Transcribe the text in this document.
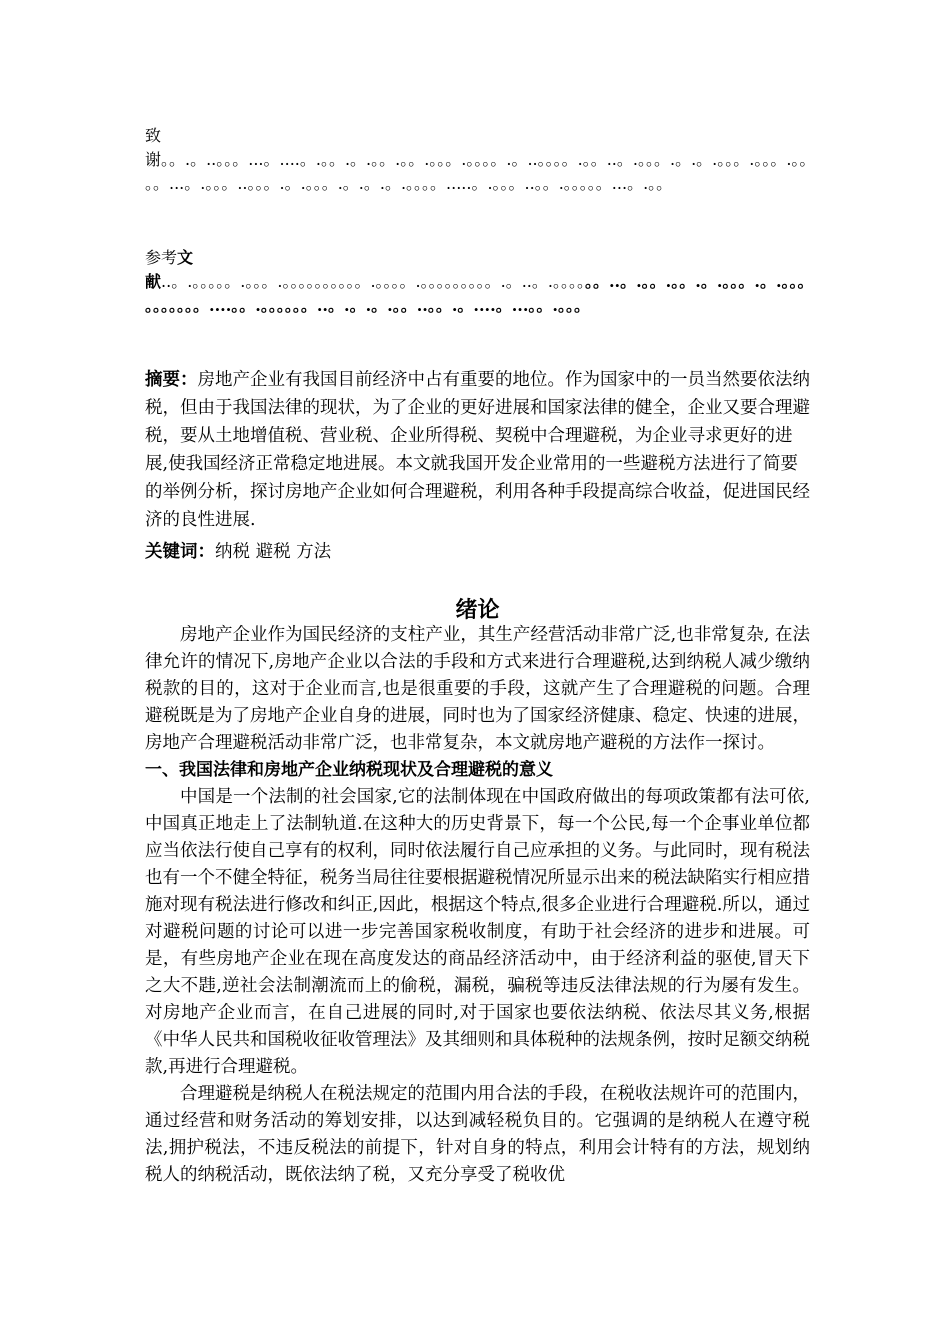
致
谢。。.。..。。。...。....。.。。.。.。。.。。.。。。.。。。。.。..。。。。.。。..。.。。。.。.。.。。。.。。。.。。。。...。.。。。..。。。.。.。。。.。.。.。.。。。。.....。.。。。..。。.。。。。。...。.。。
参考文
献..。.。。。。。.。。。.。。。。。。。。。。.。。。。.。。。。。。。。。.。..。.。。。。。。..。.。。.。。.。.。。。.。.。。。。。。。。。。....。。.。。。。。。..。.。.。.。。..。。.。....。...。。.。。。
摘要：房地产企业有我国目前经济中占有重要的地位。作为国家中的一员当然要依法纳税，但由于我国法律的现状，为了企业的更好进展和国家法律的健全，企业又要合理避税，要从土地增值税、营业税、企业所得税、契税中合理避税，为企业寻求更好的进展,使我国经济正常稳定地进展。本文就我国开发企业常用的一些避税方法进行了简要的举例分析，探讨房地产企业如何合理避税，利用各种手段提高综合收益，促进国民经济的良性进展.
关键词：纳税 避税 方法
绪论

房地产企业作为国民经济的支柱产业，其生产经营活动非常广泛,也非常复杂, 在法律允许的情况下,房地产企业以合法的手段和方式来进行合理避税,达到纳税人减少缴纳税款的目的，这对于企业而言,也是很重要的手段，这就产生了合理避税的问题。合理避税既是为了房地产企业自身的进展，同时也为了国家经济健康、稳定、快速的进展，房地产合理避税活动非常广泛，也非常复杂，本文就房地产避税的方法作一探讨。

一、我国法律和房地产企业纳税现状及合理避税的意义

中国是一个法制的社会国家,它的法制体现在中国政府做出的每项政策都有法可依,中国真正地走上了法制轨道.在这种大的历史背景下，每一个公民,每一个企事业单位都应当依法行使自己享有的权利，同时依法履行自己应承担的义务。与此同时，现有税法也有一个不健全特征，税务当局往往要根据避税情况所显示出来的税法缺陷实行相应措施对现有税法进行修改和纠正,因此，根据这个特点,很多企业进行合理避税.所以，通过对避税问题的讨论可以进一步完善国家税收制度，有助于社会经济的进步和进展。可是，有些房地产企业在现在高度发达的商品经济活动中，由于经济利益的驱使,冒天下之大不韪,逆社会法制潮流而上的偷税，漏税，骗税等违反法律法规的行为屡有发生。对房地产企业而言，在自己进展的同时,对于国家也要依法纳税、依法尽其义务,根据《中华人民共和国税收征收管理法》及其细则和具体税种的法规条例，按时足额交纳税款,再进行合理避税。

合理避税是纳税人在税法规定的范围内用合法的手段，在税收法规许可的范围内，通过经营和财务活动的筹划安排，以达到减轻税负目的。它强调的是纳税人在遵守税法,拥护税法，不违反税法的前提下，针对自身的特点，利用会计特有的方法，规划纳税人的纳税活动，既依法纳了税，又充分享受了税收优
